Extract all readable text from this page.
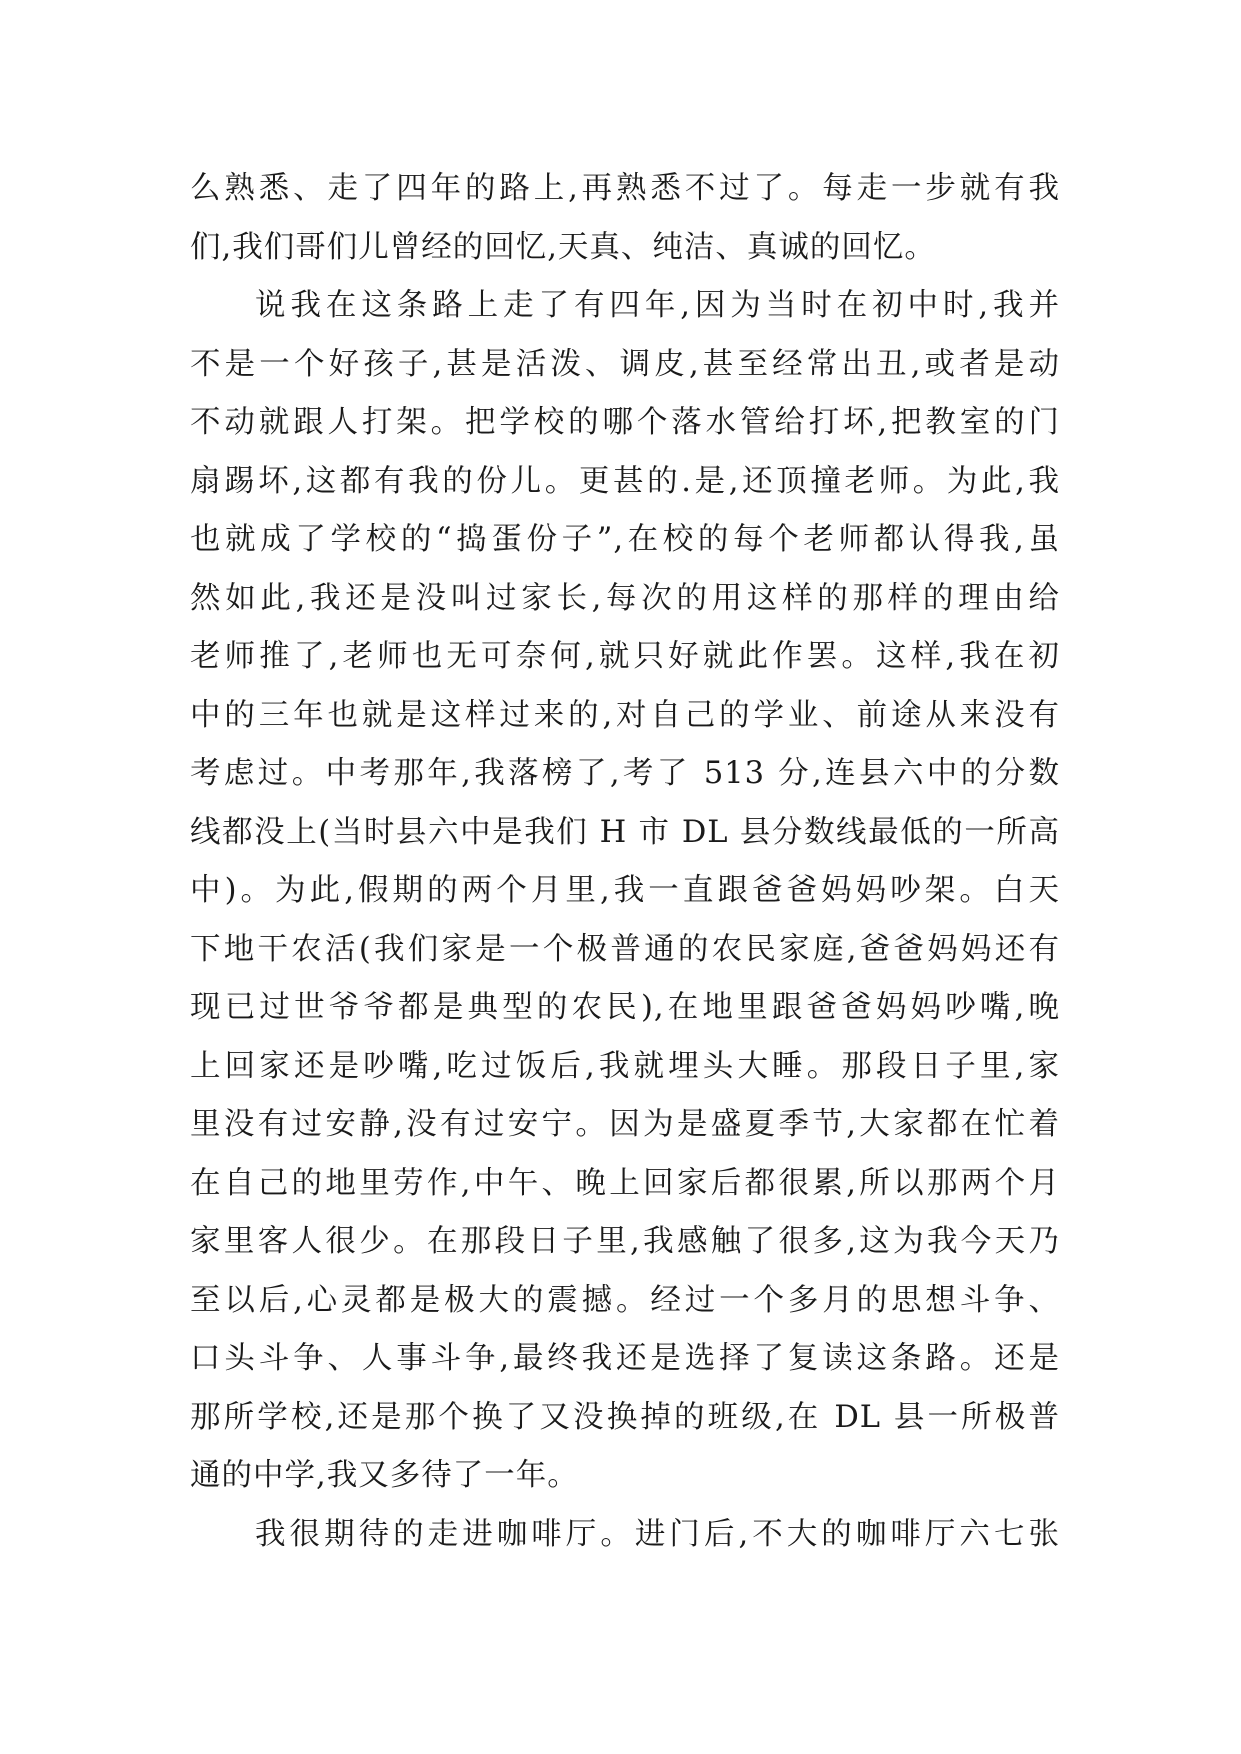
么熟悉、走了四年的路上,再熟悉不过了。每走一步就有我
们,我们哥们儿曾经的回忆,天真、纯洁、真诚的回忆。
说我在这条路上走了有四年,因为当时在初中时,我并
不是一个好孩子,甚是活泼、调皮,甚至经常出丑,或者是动
不动就跟人打架。把学校的哪个落水管给打坏,把教室的门
扇踢坏,这都有我的份儿。更甚的.是,还顶撞老师。为此,我
也就成了学校的“捣蛋份子”,在校的每个老师都认得我,虽
然如此,我还是没叫过家长,每次的用这样的那样的理由给
老师推了,老师也无可奈何,就只好就此作罢。这样,我在初
中的三年也就是这样过来的,对自己的学业、前途从来没有
考虑过。中考那年,我落榜了,考了 513 分,连县六中的分数
线都没上(当时县六中是我们 H 市 DL 县分数线最低的一所高
中)。为此,假期的两个月里,我一直跟爸爸妈妈吵架。白天
下地干农活(我们家是一个极普通的农民家庭,爸爸妈妈还有
现已过世爷爷都是典型的农民),在地里跟爸爸妈妈吵嘴,晚
上回家还是吵嘴,吃过饭后,我就埋头大睡。那段日子里,家
里没有过安静,没有过安宁。因为是盛夏季节,大家都在忙着
在自己的地里劳作,中午、晚上回家后都很累,所以那两个月
家里客人很少。在那段日子里,我感触了很多,这为我今天乃
至以后,心灵都是极大的震撼。经过一个多月的思想斗争、
口头斗争、人事斗争,最终我还是选择了复读这条路。还是
那所学校,还是那个换了又没换掉的班级,在 DL 县一所极普
通的中学,我又多待了一年。
我很期待的走进咖啡厅。进门后,不大的咖啡厅六七张
